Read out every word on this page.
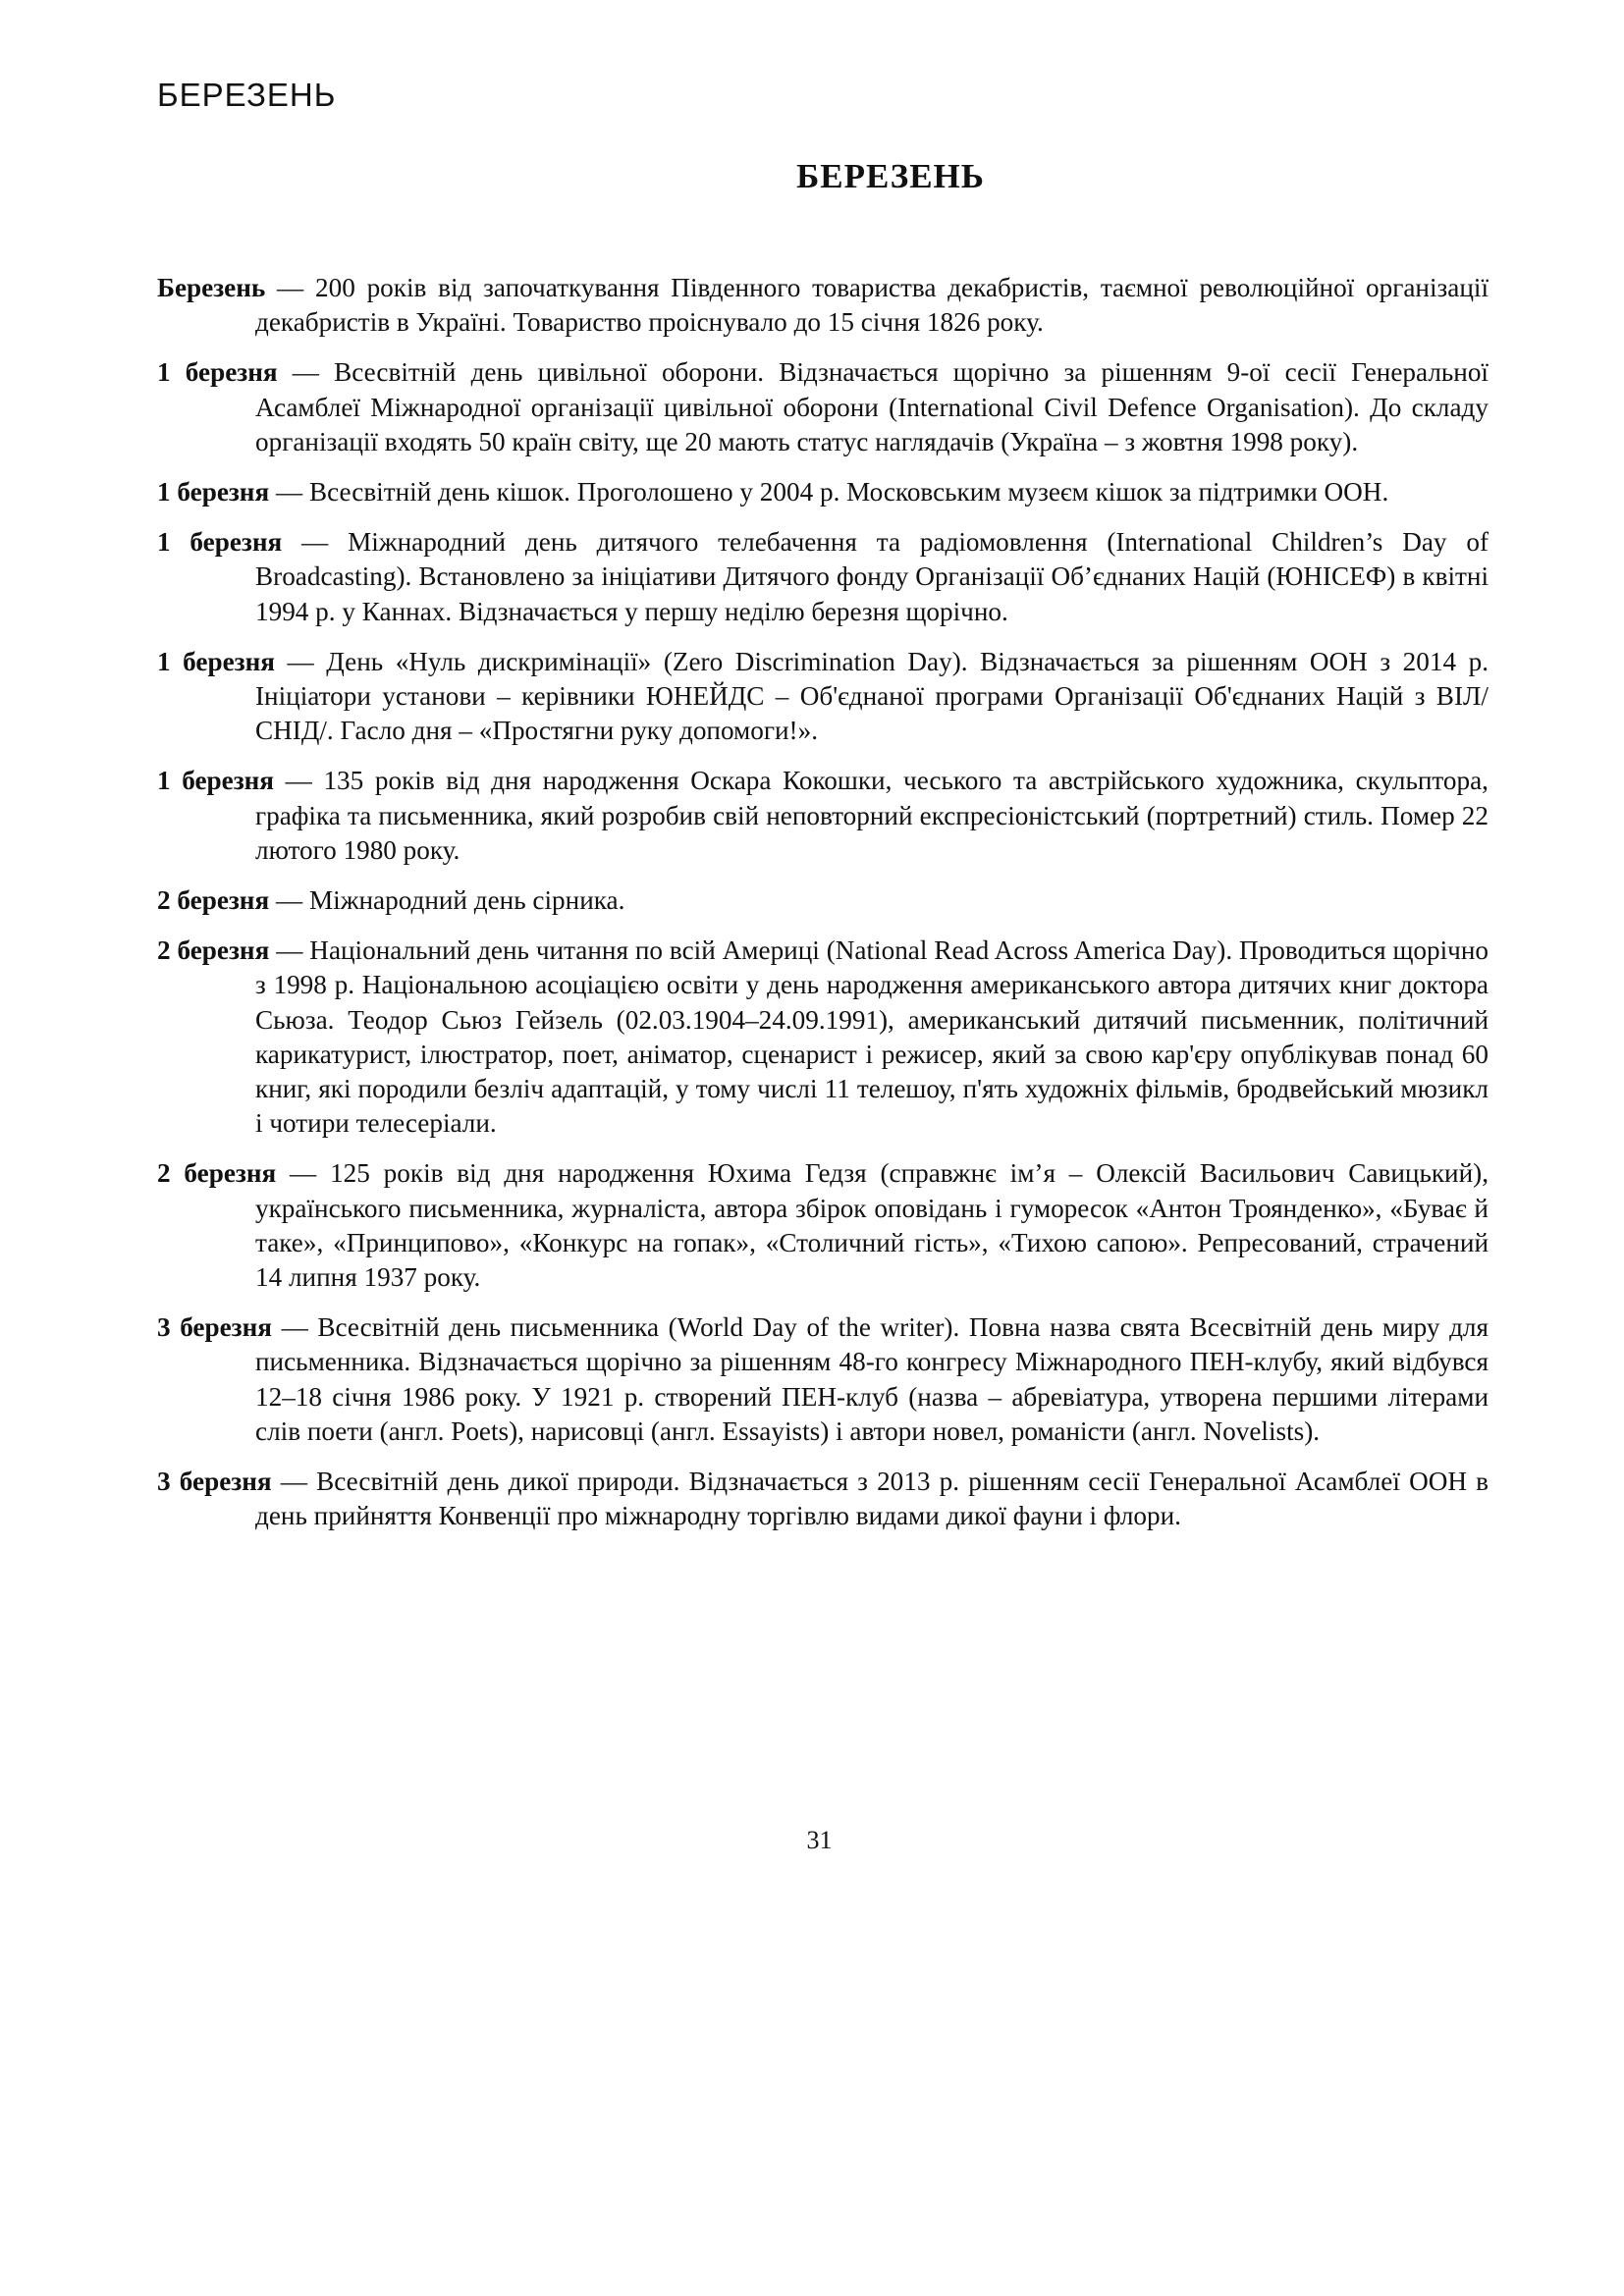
БЕРЕЗЕНЬ
БЕРЕЗЕНЬ

Березень — 200 років від започаткування Південного товариства декабристів, таємної революційної організації декабристів в Україні. Товариство проіснувало до 15 січня 1826 року.

1 березня — Всесвітній день цивільної оборони. Відзначається щорічно за рішенням 9-ої сесії Генеральної Асамблеї Міжнародної організації цивільної оборони (International Civil Defence Organisation). До складу організації входять 50 країн світу, ще 20 мають статус наглядачів (Україна – з жовтня 1998 року).

1 березня — Всесвітній день кішок. Проголошено у 2004 р. Московським музеєм кішок за підтримки ООН.

1 березня — Міжнародний день дитячого телебачення та радіомовлення (International Children’s Day of Broadcasting). Встановлено за ініціативи Дитячого фонду Організації Об’єднаних Націй (ЮНІСЕФ) в квітні 1994 р. у Каннах. Відзначається у першу неділю березня щорічно.

1 березня — День «Нуль дискримінації» (Zero Discrimination Day). Відзначається за рішенням ООН з 2014 р. Ініціатори установи – керівники ЮНЕЙДС – Об'єднаної програми Організації Об'єднаних Націй з ВІЛ/СНІД/. Гасло дня – «Простягни руку допомоги!».

1 березня — 135 років від дня народження Оскара Кокошки, чеського та австрійського художника, скульптора, графіка та письменника, який розробив свій неповторний експресіоністський (портретний) стиль. Помер 22 лютого 1980 року.

2 березня — Міжнародний день сірника.

2 березня — Національний день читання по всій Америці (National Read Across America Day). Проводиться щорічно з 1998 р. Національною асоціацією освіти у день народження американського автора дитячих книг доктора Сьюза. Теодор Сьюз Гейзель (02.03.1904–24.09.1991), американський дитячий письменник, політичний карикатурист, ілюстратор, поет, аніматор, сценарист і режисер, який за свою кар'єру опублікував понад 60 книг, які породили безліч адаптацій, у тому числі 11 телешоу, п'ять художніх фільмів, бродвейський мюзикл і чотири телесеріали.

2 березня — 125 років від дня народження Юхима Гедзя (справжнє ім’я – Олексій Васильович Савицький), українського письменника, журналіста, автора збірок оповідань і гуморесок «Антон Троянденко», «Буває й таке», «Принципово», «Конкурс на гопак», «Столичний гість», «Тихою сапою». Репресований, страчений 14 липня 1937 року.

3 березня — Всесвітній день письменника (World Day of the writer). Повна назва свята Всесвітній день миру для письменника. Відзначається щорічно за рішенням 48-го конгресу Міжнародного ПЕН-клубу, який відбувся 12–18 січня 1986 року. У 1921 р. створений ПЕН-клуб (назва – абревіатура, утворена першими літерами слів поети (англ. Poets), нарисовці (англ. Essayists) і автори новел, романісти (англ. Novelists).

3 березня — Всесвітній день дикої природи. Відзначається з 2013 р. рішенням сесії Генеральної Асамблеї ООН в день прийняття Конвенції про міжнародну торгівлю видами дикої фауни і флори.

31
